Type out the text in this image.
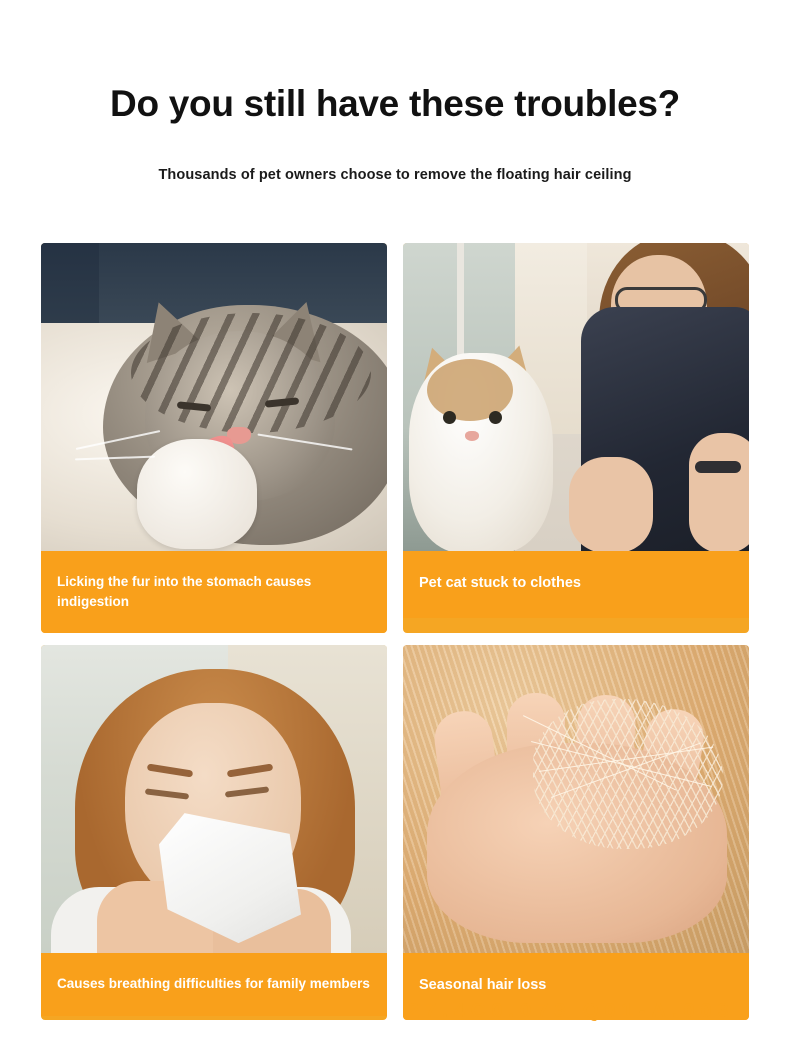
Do you still have these troubles?

Thousands of pet owners choose to remove the floating hair ceiling

Licking the fur into the stomach causes indigestion
Pet cat stuck to clothes
Causes breathing difficulties for family members	Seasonal hair loss
27.4C0.073 Q01-A.003
